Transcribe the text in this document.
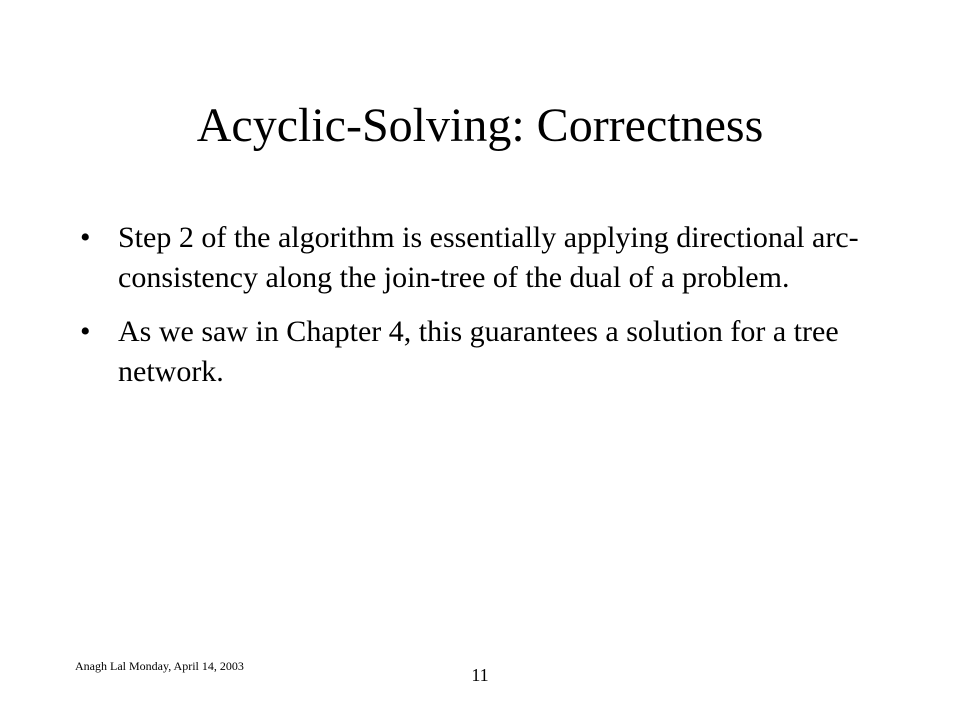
Acyclic-Solving: Correctness
• Step 2 of the algorithm is essentially applying directional arc-consistency along the join-tree of the dual of a problem.
• As we saw in Chapter 4, this guarantees a solution for a tree network.
Anagh Lal Monday, April 14, 2003	11
